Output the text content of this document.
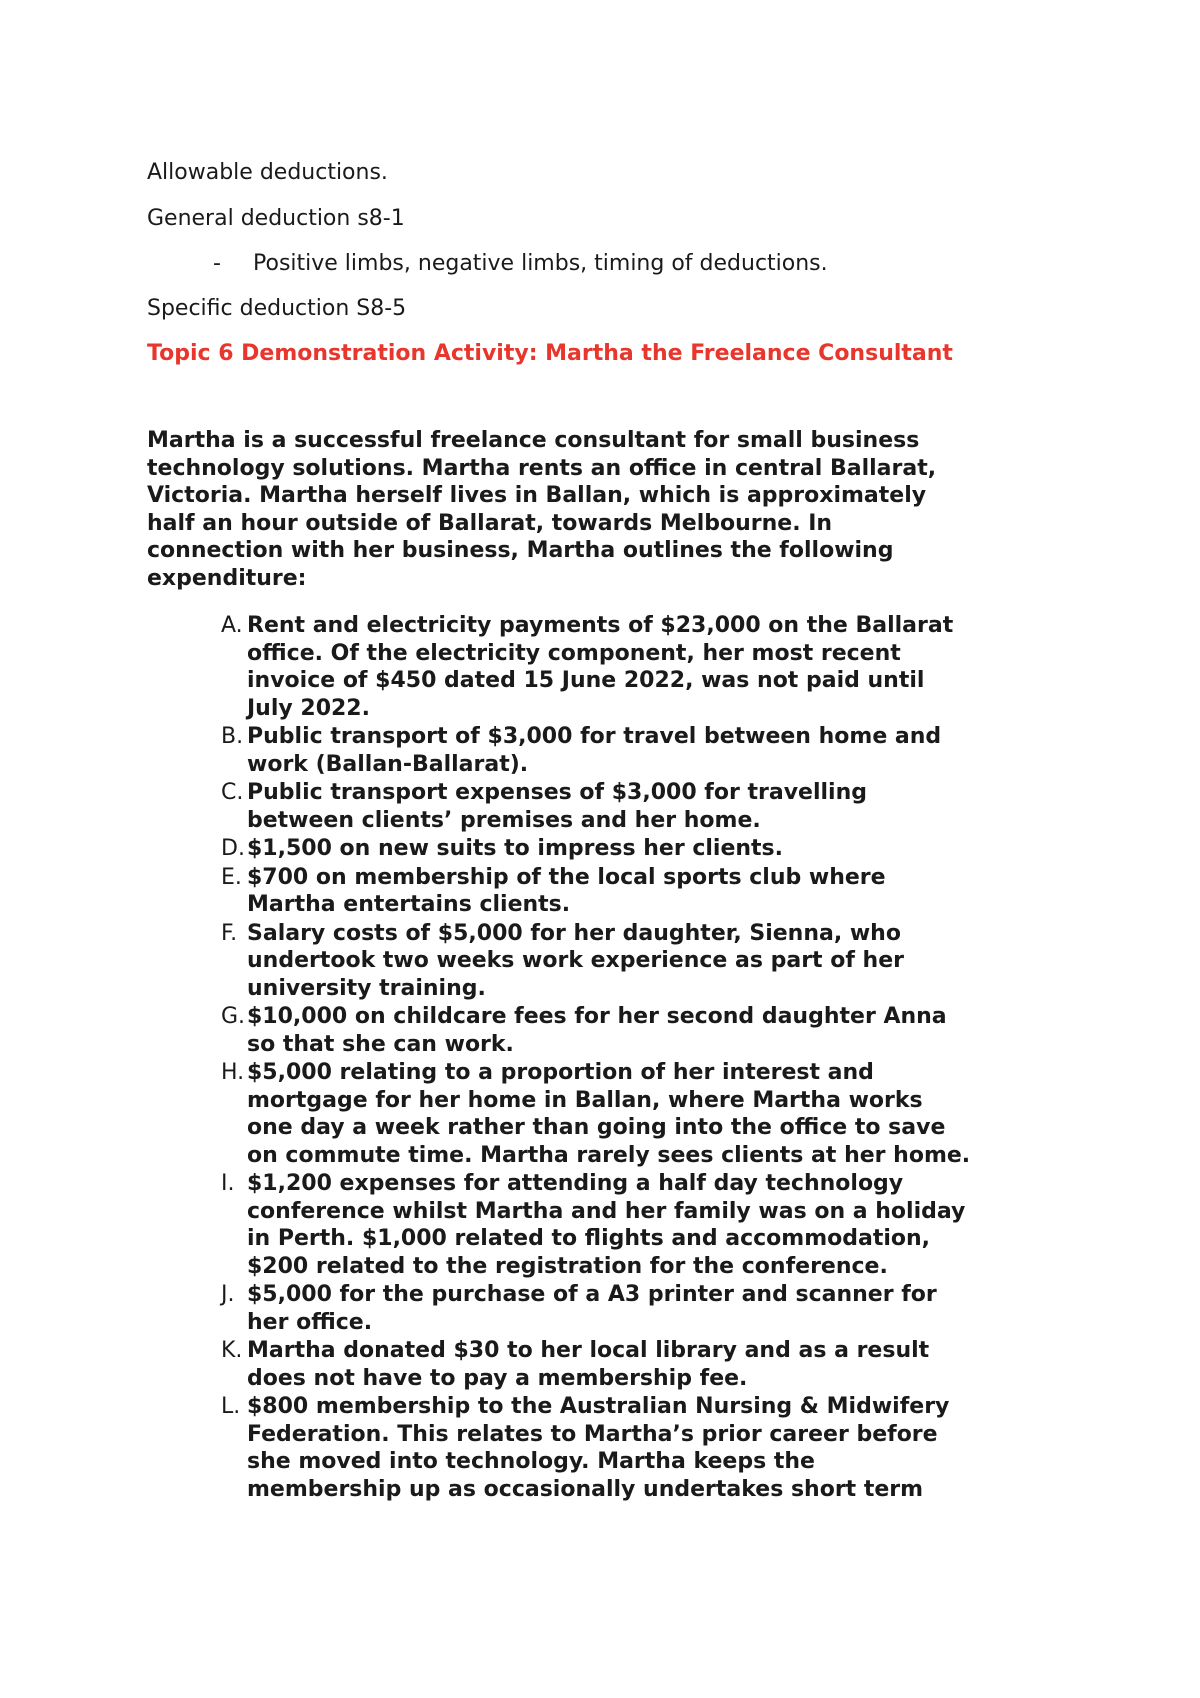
Allowable deductions.

General deduction s8-1

-	Positive limbs, negative limbs, timing of deductions.

Specific deduction S8-5

Topic 6 Demonstration Activity: Martha the Freelance Consultant

Martha is a successful freelance consultant for small business
technology solutions. Martha rents an office in central Ballarat,
Victoria. Martha herself lives in Ballan, which is approximately
half an hour outside of Ballarat, towards Melbourne. In
connection with her business, Martha outlines the following
expenditure:
A. Rent and electricity payments of $23,000 on the Ballarat
office. Of the electricity component, her most recent
invoice of $450 dated 15 June 2022, was not paid until
July 2022.
B. Public transport of $3,000 for travel between home and
work (Ballan-Ballarat).
C. Public transport expenses of $3,000 for travelling
between clients’ premises and her home.
D. $1,500 on new suits to impress her clients.
E. $700 on membership of the local sports club where
Martha entertains clients.
F. Salary costs of $5,000 for her daughter, Sienna, who
undertook two weeks work experience as part of her
university training.
G. $10,000 on childcare fees for her second daughter Anna
so that she can work.
H. $5,000 relating to a proportion of her interest and
mortgage for her home in Ballan, where Martha works
one day a week rather than going into the office to save
on commute time. Martha rarely sees clients at her home.
I. $1,200 expenses for attending a half day technology
conference whilst Martha and her family was on a holiday
in Perth. $1,000 related to flights and accommodation,
$200 related to the registration for the conference.
J. $5,000 for the purchase of a A3 printer and scanner for
her office.
K. Martha donated $30 to her local library and as a result
does not have to pay a membership fee.
L. $800 membership to the Australian Nursing & Midwifery
Federation. This relates to Martha’s prior career before
she moved into technology. Martha keeps the
membership up as occasionally undertakes short term
